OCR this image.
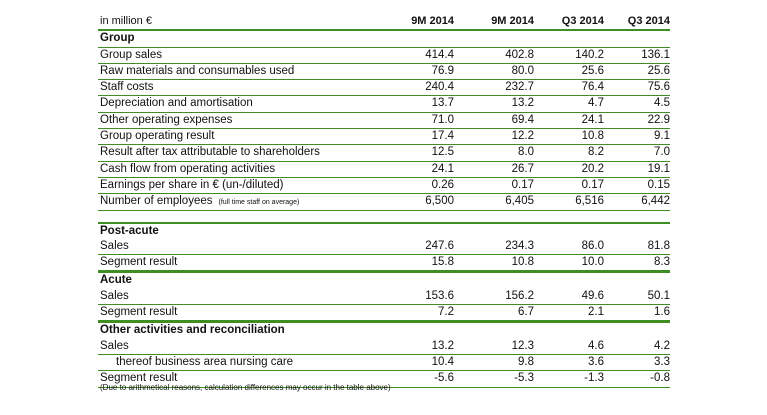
in million €	9M 2014	9M 2014	Q3 2014	Q3 2014
Group
Group sales	414.4	402.8	140.2	136.1
Raw materials and consumables used	76.9	80.0	25.6	25.6
Staff costs	240.4	232.7	76.4	75.6
Depreciation and amortisation	13.7	13.2	4.7	4.5
Other operating expenses	71.0	69.4	24.1	22.9
Group operating result	17.4	12.2	10.8	9.1
Result after tax attributable to shareholders	12.5	8.0	8.2	7.0
Cash flow from operating activities	24.1	26.7	20.2	19.1
Earnings per share in € (un-/diluted)	0.26	0.17	0.17	0.15
Number of employees (full time staff on average)	6,500	6,405	6,516	6,442
Post-acute
Sales	247.6	234.3	86.0	81.8
Segment result	15.8	10.8	10.0	8.3
Acute
Sales	153.6	156.2	49.6	50.1
Segment result	7.2	6.7	2.1	1.6
Other activities and reconciliation
Sales	13.2	12.3	4.6	4.2
thereof business area nursing care	10.4	9.8	3.6	3.3
Segment result	-5.6	-5.3	-1.3	-0.8
(Due to arithmetical reasons, calculation differences may occur in the table above)
